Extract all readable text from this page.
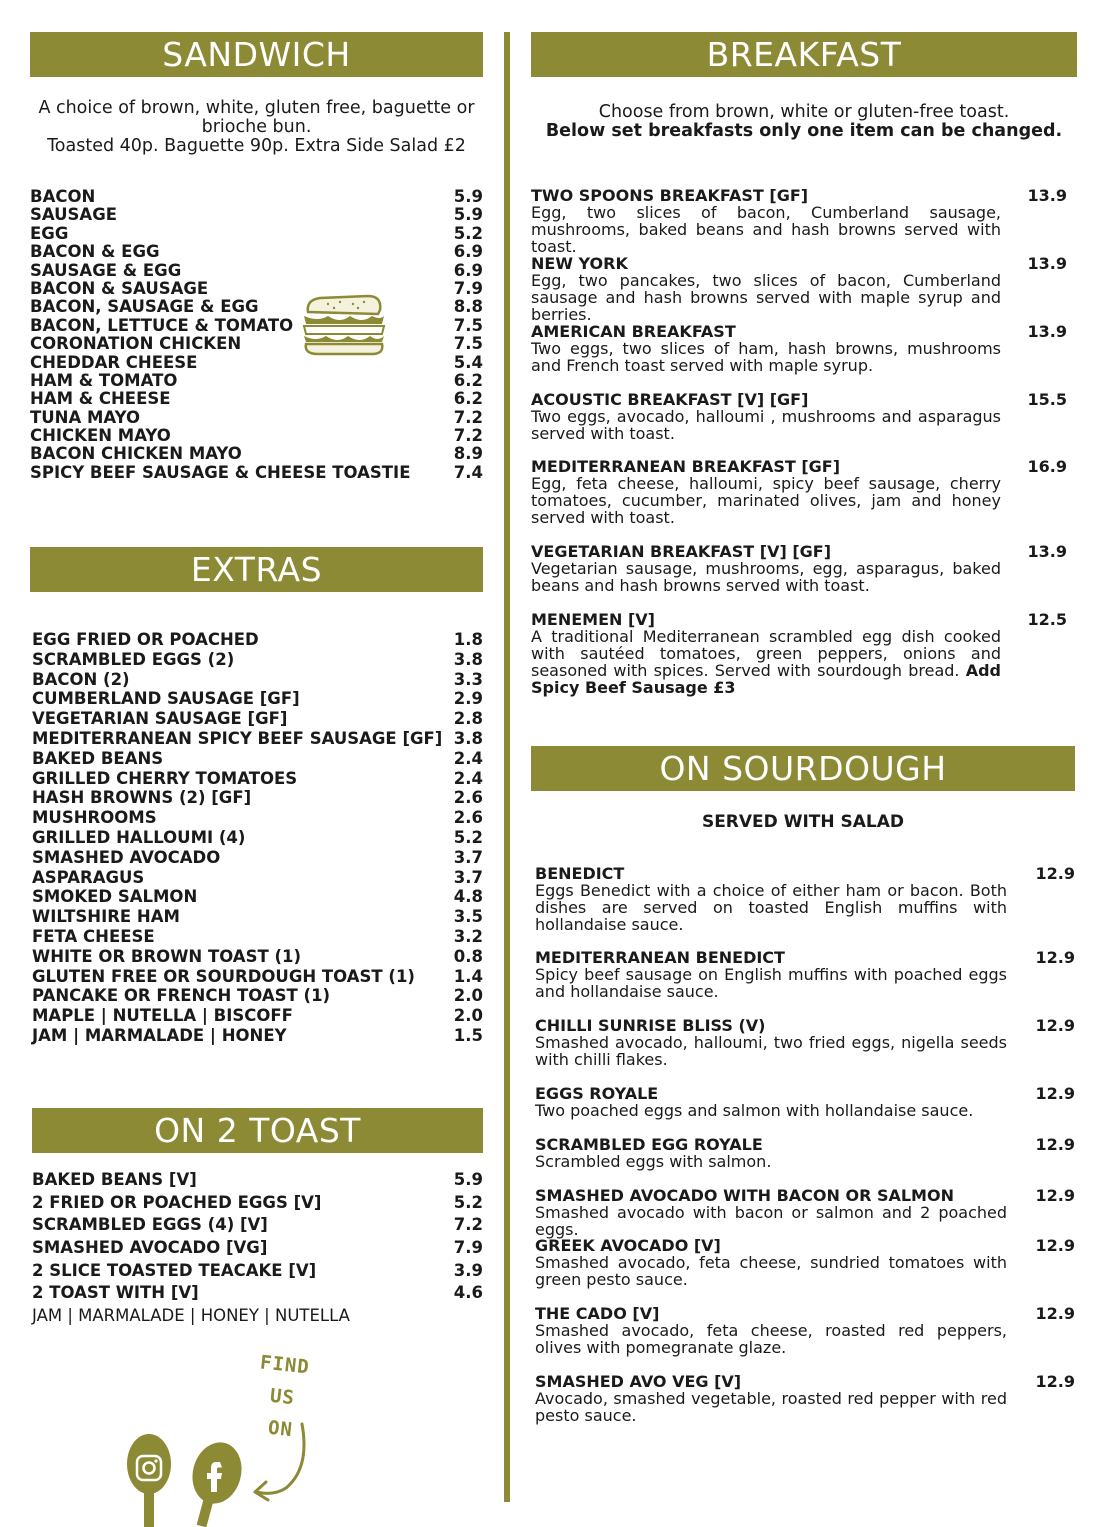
SANDWICH
A choice of brown, white, gluten free, baguette or
brioche bun.
Toasted 40p. Baguette 90p. Extra Side Salad £2
BACON	5.9
SAUSAGE	5.9
EGG	5.2
BACON & EGG	6.9
SAUSAGE & EGG	6.9
BACON & SAUSAGE	7.9
BACON, SAUSAGE & EGG	8.8
BACON, LETTUCE & TOMATO	7.5
CORONATION CHICKEN	7.5
CHEDDAR CHEESE	5.4
HAM & TOMATO	6.2
HAM & CHEESE	6.2
TUNA MAYO	7.2
CHICKEN MAYO	7.2
BACON CHICKEN MAYO	8.9
SPICY BEEF SAUSAGE & CHEESE TOASTIE	7.4
EXTRAS
EGG FRIED OR POACHED	1.8
SCRAMBLED EGGS (2)	3.8
BACON (2)	3.3
CUMBERLAND SAUSAGE [GF]	2.9
VEGETARIAN SAUSAGE [GF]	2.8
MEDITERRANEAN SPICY BEEF SAUSAGE [GF] 3.8
BAKED BEANS	2.4
GRILLED CHERRY TOMATOES	2.4
HASH BROWNS (2) [GF]	2.6
MUSHROOMS	2.6
GRILLED HALLOUMI (4)	5.2
SMASHED AVOCADO	3.7
ASPARAGUS	3.7
SMOKED SALMON	4.8
WILTSHIRE HAM	3.5
FETA CHEESE	3.2
WHITE OR BROWN TOAST (1)	0.8
GLUTEN FREE OR SOURDOUGH TOAST (1) 1.4
PANCAKE OR FRENCH TOAST (1)	2.0
MAPLE | NUTELLA | BISCOFF	2.0
JAM | MARMALADE | HONEY	1.5
ON 2 TOAST
BAKED BEANS [V]	5.9
2 FRIED OR POACHED EGGS [V]	5.2
SCRAMBLED EGGS (4) [V]	7.2
SMASHED AVOCADO [VG]	7.9
2 SLICE TOASTED TEACAKE [V]	3.9
2 TOAST WITH [V]	4.6
JAM | MARMALADE | HONEY | NUTELLA
FIND
US
ON
BREAKFAST
Choose from brown, white or gluten-free toast.
Below set breakfasts only one item can be changed.
TWO SPOONS BREAKFAST [GF]	13.9
Egg, two slices of bacon, Cumberland sausage, mushrooms, baked beans and hash browns served with toast.
NEW YORK	13.9
Egg, two pancakes, two slices of bacon, Cumberland sausage and hash browns served with maple syrup and berries.
AMERICAN BREAKFAST	13.9
Two eggs, two slices of ham, hash browns, mushrooms and French toast served with maple syrup.
ACOUSTIC BREAKFAST [V] [GF]	15.5
Two eggs, avocado, halloumi , mushrooms and asparagus served with toast.
MEDITERRANEAN BREAKFAST [GF]	16.9
Egg, feta cheese, halloumi, spicy beef sausage, cherry tomatoes, cucumber, marinated olives, jam and honey served with toast.
VEGETARIAN BREAKFAST [V] [GF]	13.9
Vegetarian sausage, mushrooms, egg, asparagus, baked beans and hash browns served with toast.
MENEMEN [V]	12.5
A traditional Mediterranean scrambled egg dish cooked with sautéed tomatoes, green peppers, onions and seasoned with spices. Served with sourdough bread. Add Spicy Beef Sausage £3
ON SOURDOUGH
SERVED WITH SALAD
BENEDICT	12.9
Eggs Benedict with a choice of either ham or bacon. Both dishes are served on toasted English muffins with hollandaise sauce.
MEDITERRANEAN BENEDICT	12.9
Spicy beef sausage on English muffins with poached eggs and hollandaise sauce.
CHILLI SUNRISE BLISS (V)	12.9
Smashed avocado, halloumi, two fried eggs, nigella seeds with chilli flakes.
EGGS ROYALE	12.9
Two poached eggs and salmon with hollandaise sauce.
SCRAMBLED EGG ROYALE	12.9
Scrambled eggs with salmon.
SMASHED AVOCADO WITH BACON OR SALMON	12.9
Smashed avocado with bacon or salmon and 2 poached eggs.
GREEK AVOCADO [V]	12.9
Smashed avocado, feta cheese, sundried tomatoes with green pesto sauce.
THE CADO [V]	12.9
Smashed avocado, feta cheese, roasted red peppers, olives with pomegranate glaze.
SMASHED AVO VEG [V]	12.9
Avocado, smashed vegetable, roasted red pepper with red pesto sauce.
